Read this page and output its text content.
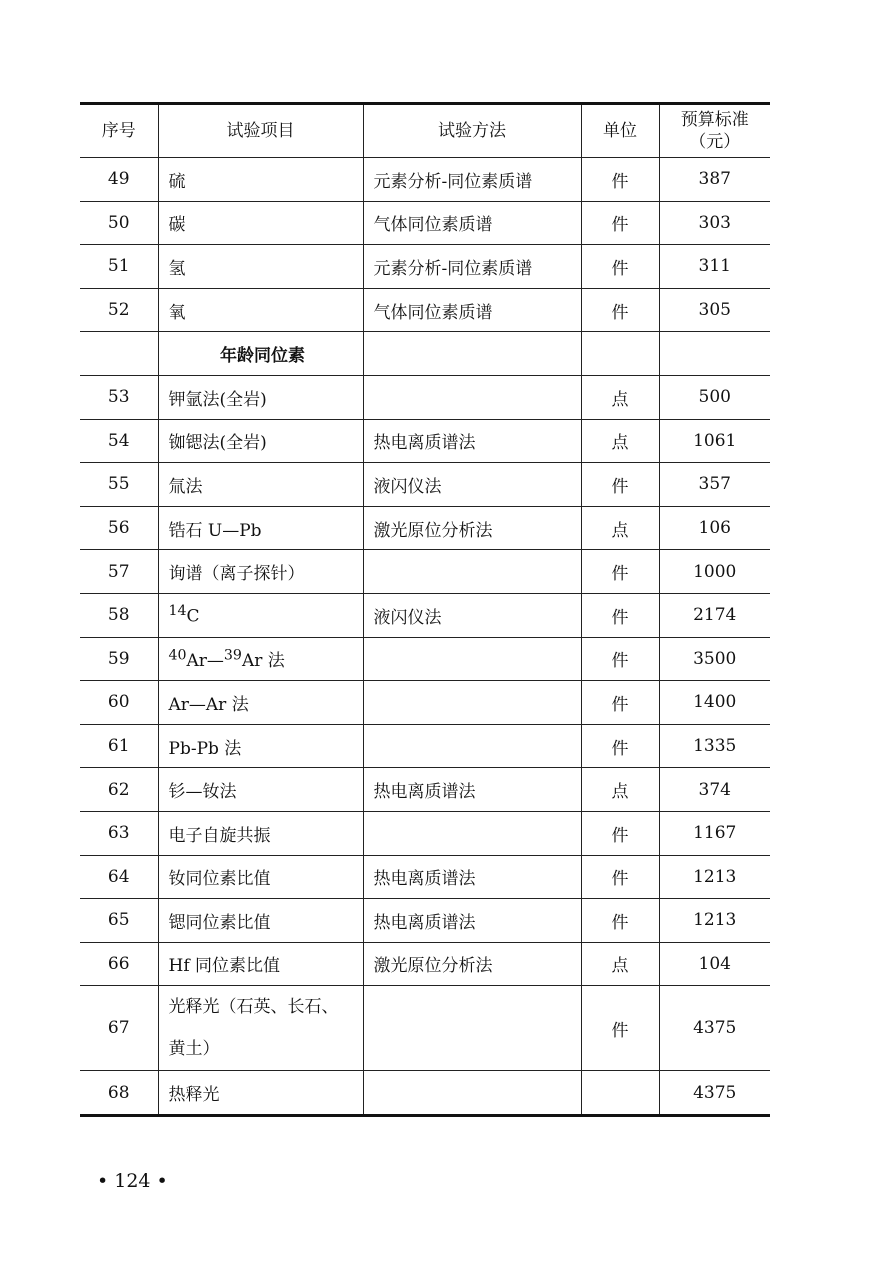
序号	试验项目	试验方法	单位	预算标准
（元）
49	硫	元素分析-同位素质谱	件	387
50	碳	气体同位素质谱	件	303
51	氢	元素分析-同位素质谱	件	311
52	氧	气体同位素质谱	件	305
	年龄同位素			
53	钾氩法(全岩)		点	500
54	铷锶法(全岩)	热电离质谱法	点	1061
55	氚法	液闪仪法	件	357
56	锆石 U—Pb	激光原位分析法	点	106
57	询谱（离子探针）		件	1000
58	$^{14}$C	液闪仪法	件	2174
59	$^{40}$Ar—$^{39}$Ar 法		件	3500
60	Ar—Ar 法		件	1400
61	Pb-Pb 法		件	1335
62	钐—钕法	热电离质谱法	点	374
63	电子自旋共振		件	1167
64	钕同位素比值	热电离质谱法	件	1213
65	锶同位素比值	热电离质谱法	件	1213
66	Hf 同位素比值	激光原位分析法	点	104
67	光释光（石英、长石、
黄土）		件	4375
68	热释光			4375
• 124 •
